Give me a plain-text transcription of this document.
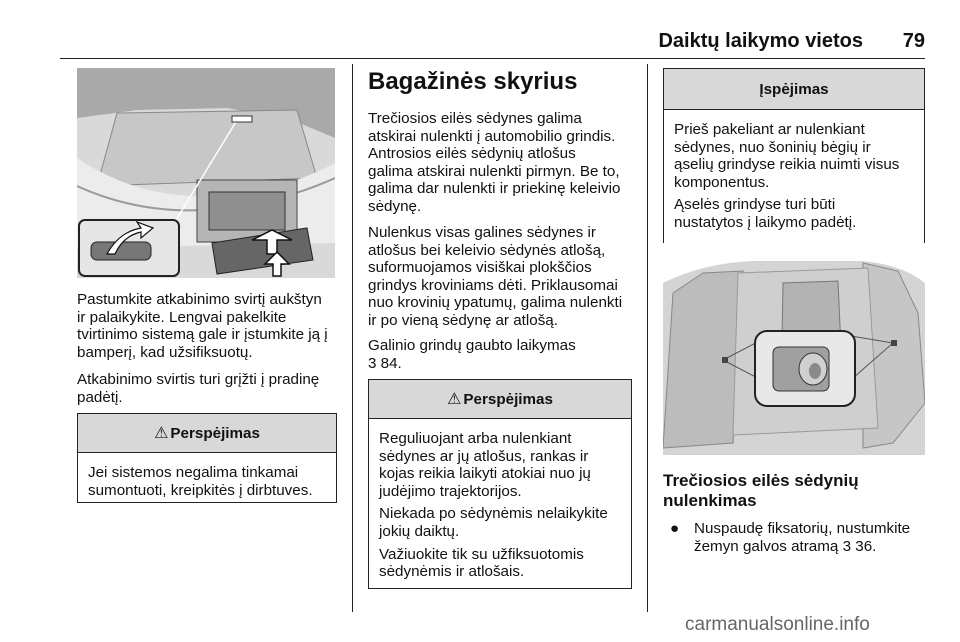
Daiktų laikymo vietos 79
Pastumkite atkabinimo svirtį aukštyn
ir palaikykite. Lengvai pakelkite
tvirtinimo sistemą gale ir įstumkite ją į
bamperį, kad užsifiksuotų.
Atkabinimo svirtis turi grįžti į pradinę
padėtį.
⚠ Perspėjimas
Jei sistemos negalima tinkamai
sumontuoti, kreipkitės į dirbtuves.
Bagažinės skyrius
Trečiosios eilės sėdynes galima
atskirai nulenkti į automobilio grindis.
Antrosios eilės sėdynių atlošus
galima atskirai nulenkti pirmyn. Be to,
galima dar nulenkti ir priekinę keleivio
sėdynę.
Nulenkus visas galines sėdynes ir
atlošus bei keleivio sėdynės atlošą,
suformuojamos visiškai plokščios
grindys kroviniams dėti. Priklausomai
nuo krovinių ypatumų, galima nulenkti
ir po vieną sėdynę ar atlošą.
Galinio grindų gaubto laikymas
3 84.
⚠ Perspėjimas

Reguliuojant arba nulenkiant
sėdynes ar jų atlošus, rankas ir
kojas reikia laikyti atokiai nuo jų
judėjimo trajektorijos.

Niekada po sėdynėmis nelaikykite
jokių daiktų.

Važiuokite tik su užfiksuotomis
sėdynėmis ir atlošais.

Įspėjimas

Prieš pakeliant ar nulenkiant
sėdynes, nuo šoninių bėgių ir
ąselių grindyse reikia nuimti visus
komponentus.

Ąselės grindyse turi būti
nustatytos į laikymo padėtį.

Trečiosios eilės sėdynių
nulenkimas
● Nuspaudę fiksatorių, nustumkite
žemyn galvos atramą 3 36.
carmanualsonline.info
